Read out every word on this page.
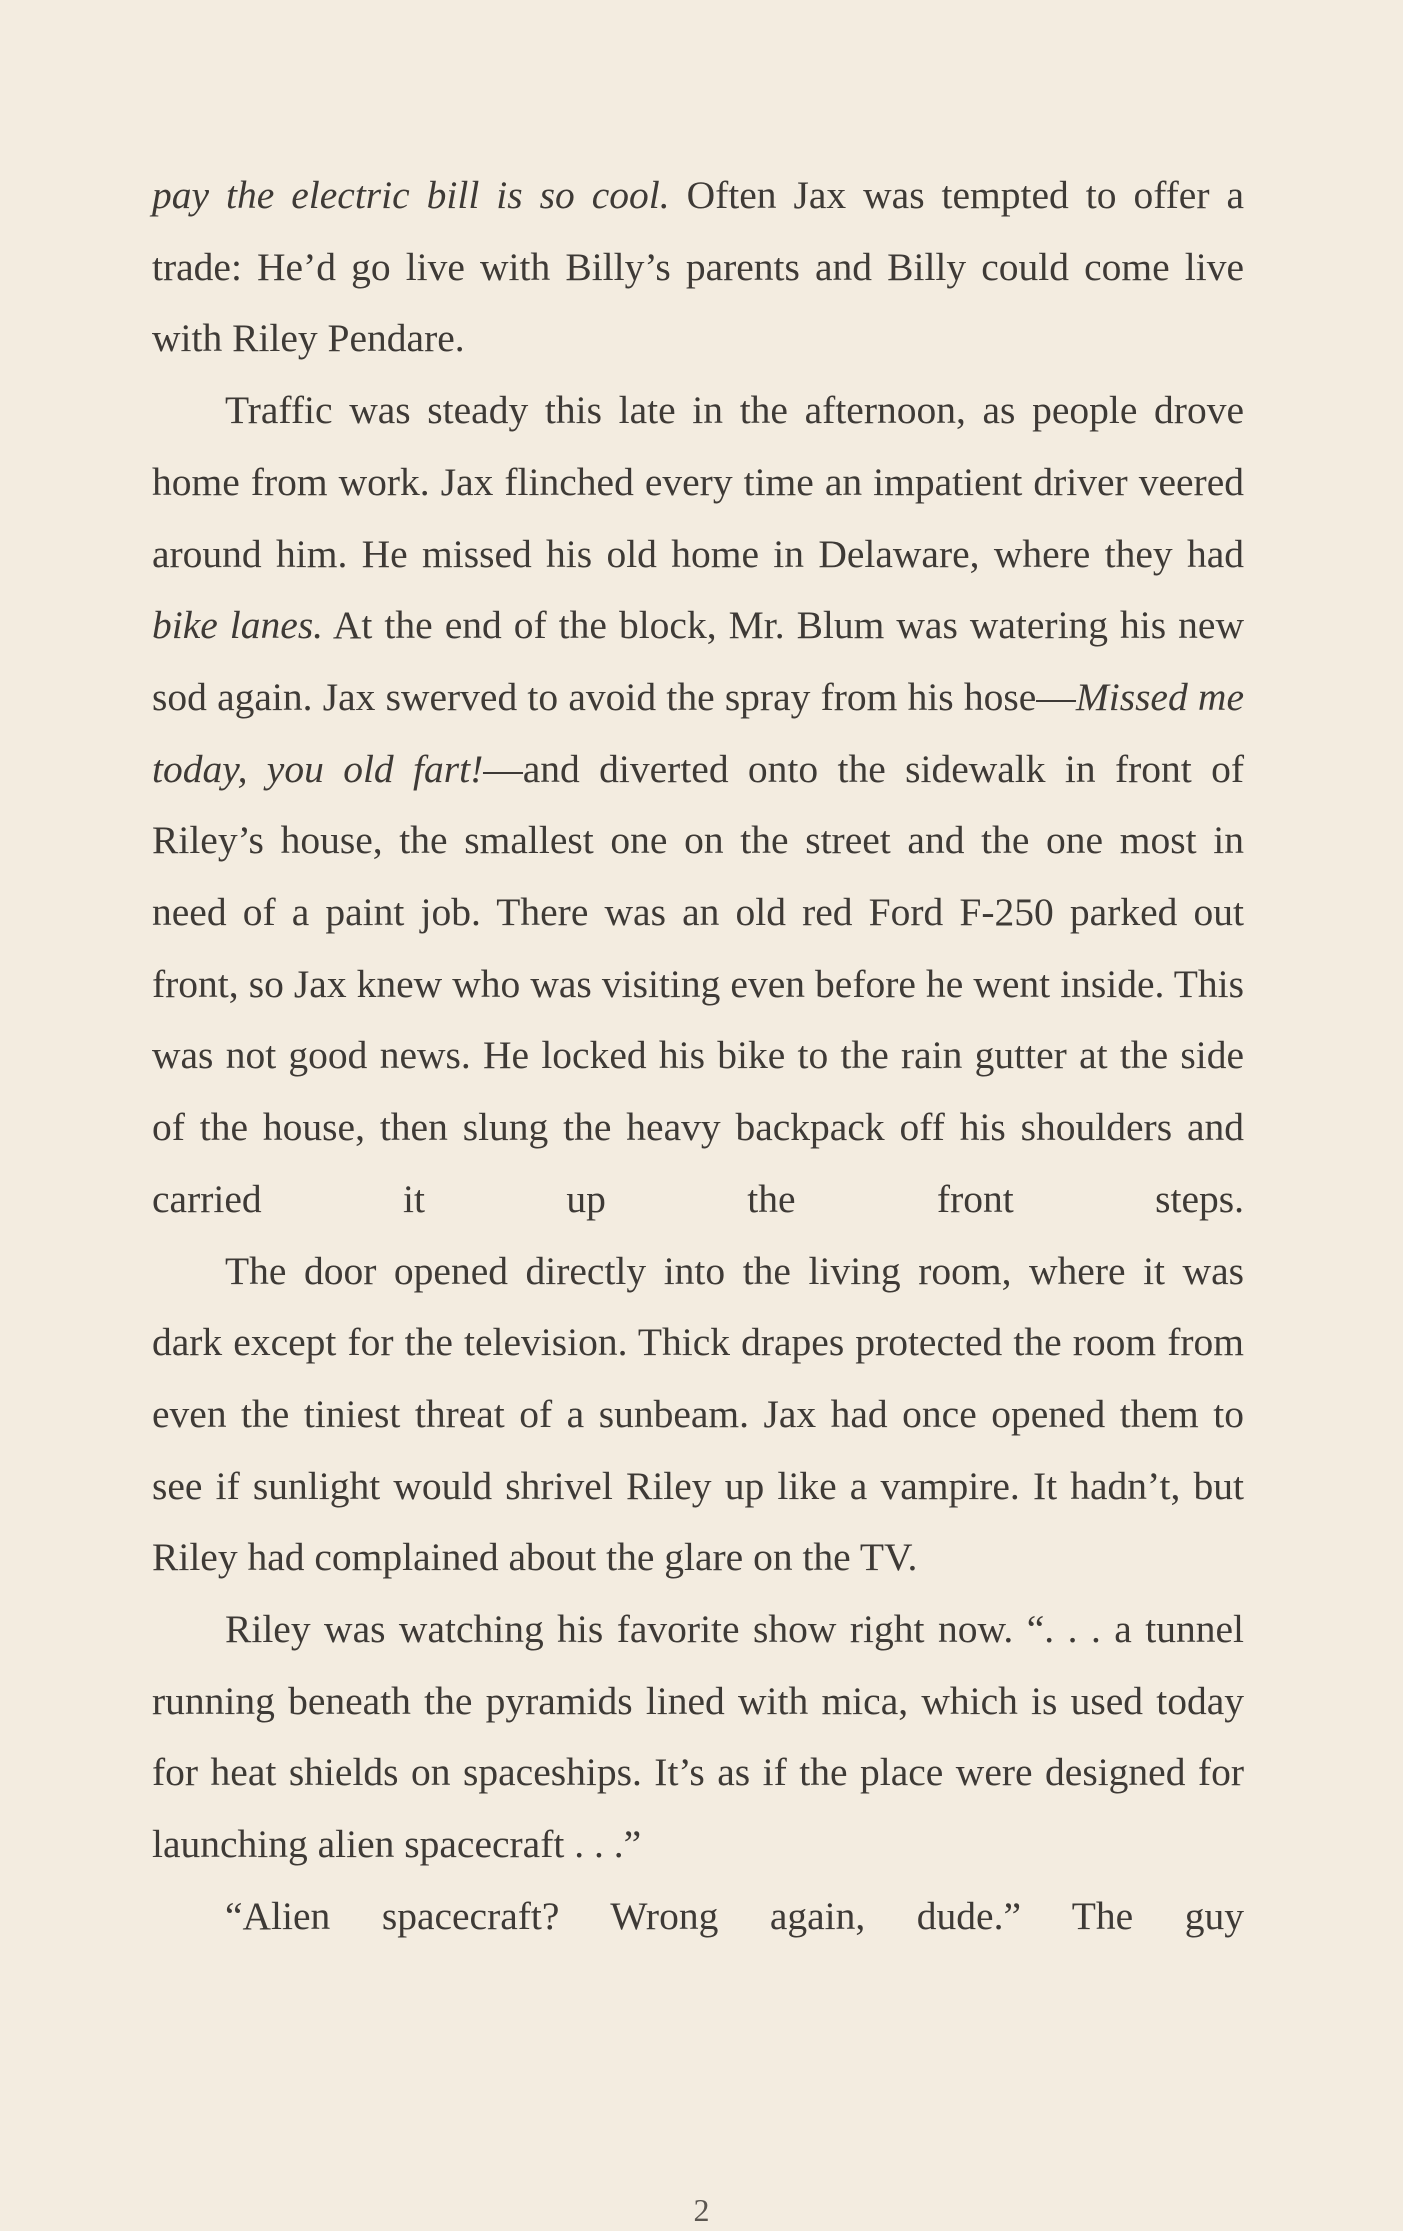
pay the electric bill is so cool. Often Jax was tempted to offer a trade: He’d go live with Billy’s parents and Billy could come live with Riley Pendare.

Traffic was steady this late in the afternoon, as people drove home from work. Jax flinched every time an impatient driver veered around him. He missed his old home in Delaware, where they had bike lanes. At the end of the block, Mr. Blum was watering his new sod again. Jax swerved to avoid the spray from his hose—Missed me today, you old fart!—and diverted onto the sidewalk in front of Riley’s house, the smallest one on the street and the one most in need of a paint job. There was an old red Ford F-250 parked out front, so Jax knew who was visiting even before he went inside. This was not good news. He locked his bike to the rain gutter at the side of the house, then slung the heavy backpack off his shoulders and carried it up the front steps.

The door opened directly into the living room, where it was dark except for the television. Thick drapes protected the room from even the tiniest threat of a sunbeam. Jax had once opened them to see if sunlight would shrivel Riley up like a vampire. It hadn’t, but Riley had complained about the glare on the TV.

Riley was watching his favorite show right now. “. . . a tunnel running beneath the pyramids lined with mica, which is used today for heat shields on spaceships. It’s as if the place were designed for launching alien spacecraft . . .”

“Alien spacecraft? Wrong again, dude.” The guy

2
